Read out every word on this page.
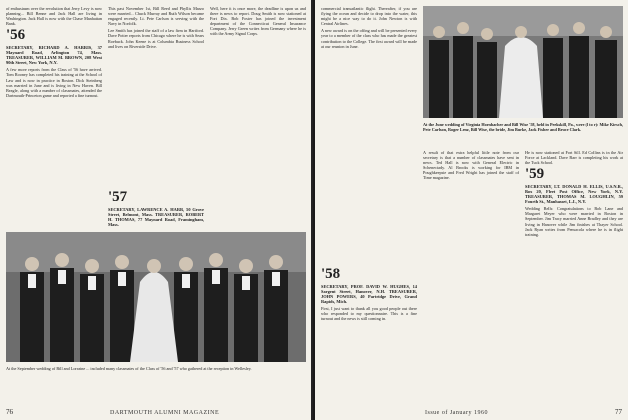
of enthusiasm over the revolution that Jerry Levy is now planning... Bill Benne and Jack Hall are living in Washington. Jack Hall is now with the Chase Manhattan Bank.

'56
SECRETARY, RICHARD A. HARRIS, 37 Maynard Road, Arlington 74, Mass. TREASURER, WILLIAM M. BROWN, 208 West 90th Street, New York, N.Y.

A few more reports from the Class of '56 have arrived. Tom Rooney has completed his training at the School of Law and is now in practice in Boston. Dick Steinberg was married in June and is living in New Haven. Bill Beagle, along with a number of classmates, attended the Dartmouth-Princeton game and reported a fine turnout.

This past November 1st, Bill Reed and Phyllis Marzo were married... Chuck Murray and Ruth Wilson became engaged recently. Lt. Pete Carlson is serving with the Navy in Norfolk.

Lee Smith has joined the staff of a law firm in Hartford. Dave Potter reports from Chicago where he is with Sears Roebuck. John Keene is at Columbia Business School and lives on Riverside Drive.

Well, here it is once more, the deadline is upon us and there is news to report. Doug Smith is now stationed at Fort Dix. Bob Foster has joined the investment department of the Connecticut General Insurance Company. Jerry Green writes from Germany where he is with the Army Signal Corps.

'57
SECRETARY, LAWRENCE A. HARR, 50 Grove Street, Belmont, Mass. TREASURER, ROBERT H. THOMAS, 77 Maynard Road, Framingham, Mass.
At the September wedding of Bill and Lorraine ... included many classmates of the Class of '56 and '57 who gathered at the reception in Wellesley.
76	DARTMOUTH ALUMNI MAGAZINE

commercial transatlantic flight. Thereafter, if you are flying the ocean and decide to drop into the water, this might be a nice way to do it. John Newton is with Central Airlines.

A new award is on the offing and will be presented every year to a member of the class who has made the greatest contribution to the College. The first award will be made at our reunion in June.

At the June wedding of Virginia Hornbacher and Bill Wise '58, held in Peekskill, Pa., were (l to r): Mike Kirsch, Pete Carlson, Roger Lenz, Bill Wise, the bride, Jim Burke, Jack Fisher and Bruce Clark.

A result of that extra helpful little note from our secretary is that a number of classmates have sent in news. Ted Hall is now with General Electric in Schenectady. Al Brooks is working for IBM in Poughkeepsie and Fred Wright has joined the staff of Time magazine.

'58
SECRETARY, PROF. DAVID W. HUGHES, 14 Sargent Street, Hanover, N.H. TREASURER, JOHN POWERS, 40 Partridge Drive, Grand Rapids, Mich.

First, I just want to thank all you good people out there who responded to my questionnaire. This is a fine turnout and the news is still coming in.

He is now stationed at Fort Sill. Ed Collins is in the Air Force at Lackland. Dave Barr is completing his work at the Tuck School.

'59
SECRETARY, LT. DONALD H. ELLIS, U.S.N.R., Box 20, Fleet Post Office, New York, N.Y. TREASURER, THOMAS M. LOUGHLIN, 59 Fourth St., Manhasset, L.I., N.Y.

Wedding Bells: Congratulations to Bob Lane and Margaret Meyer who were married in Boston in September. Jim Tracy married Anne Bradley and they are living in Hanover while Jim finishes at Thayer School. Jack Ryan writes from Pensacola where he is in flight training.

Issue of January 1960	77
